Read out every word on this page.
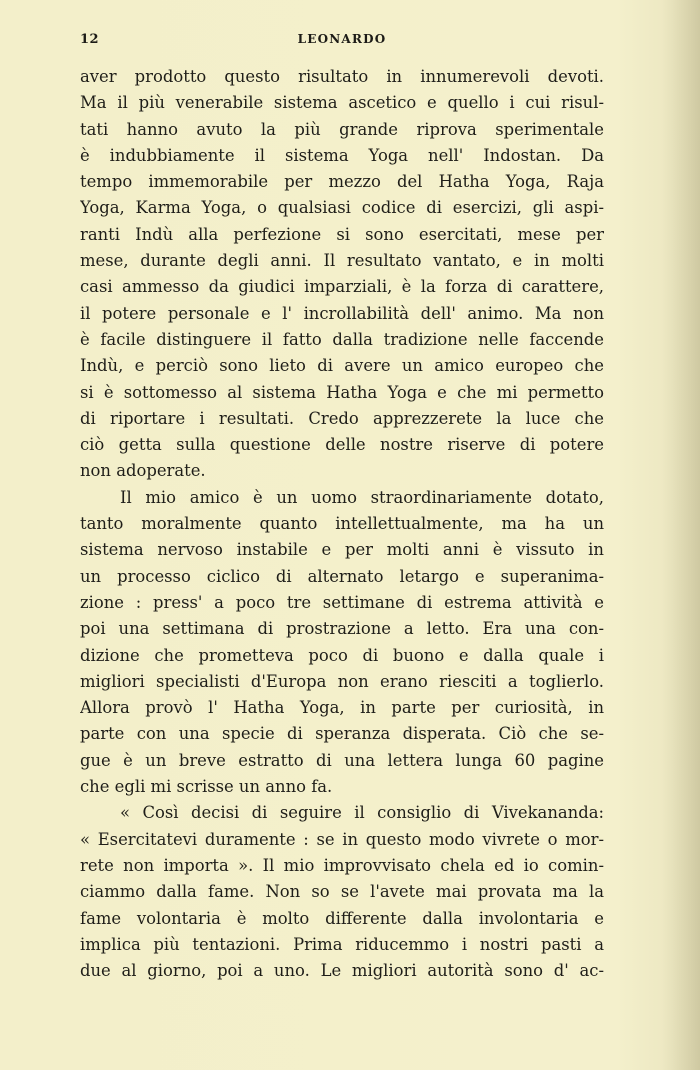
12	LEONARDO
aver prodotto questo risultato in innumerevoli devoti.
Ma il più venerabile sistema ascetico e quello i cui risul-
tati hanno avuto la più grande riprova sperimentale
è indubbiamente il sistema Yoga nell' Indostan. Da
tempo immemorabile per mezzo del Hatha Yoga, Raja
Yoga, Karma Yoga, o qualsiasi codice di esercizi, gli aspi-
ranti Indù alla perfezione si sono esercitati, mese per
mese, durante degli anni. Il resultato vantato, e in molti
casi ammesso da giudici imparziali, è la forza di carattere,
il potere personale e l' incrollabilità dell' animo. Ma non
è facile distinguere il fatto dalla tradizione nelle faccende
Indù, e perciò sono lieto di avere un amico europeo che
si è sottomesso al sistema Hatha Yoga e che mi permetto
di riportare i resultati. Credo apprezzerete la luce che
ciò getta sulla questione delle nostre riserve di potere
non adoperate.
Il mio amico è un uomo straordinariamente dotato,
tanto moralmente quanto intellettualmente, ma ha un
sistema nervoso instabile e per molti anni è vissuto in
un processo ciclico di alternato letargo e superanima-
zione : press' a poco tre settimane di estrema attività e
poi una settimana di prostrazione a letto. Era una con-
dizione che prometteva poco di buono e dalla quale i
migliori specialisti d'Europa non erano riesciti a toglierlo.
Allora provò l' Hatha Yoga, in parte per curiosità, in
parte con una specie di speranza disperata. Ciò che se-
gue è un breve estratto di una lettera lunga 60 pagine
che egli mi scrisse un anno fa.
« Così decisi di seguire il consiglio di Vivekananda:
« Esercitatevi duramente : se in questo modo vivrete o mor-
rete non importa ». Il mio improvvisato chela ed io comin-
ciammo dalla fame. Non so se l'avete mai provata ma la
fame volontaria è molto differente dalla involontaria e
implica più tentazioni. Prima riducemmo i nostri pasti a
due al giorno, poi a uno. Le migliori autorità sono d' ac-
